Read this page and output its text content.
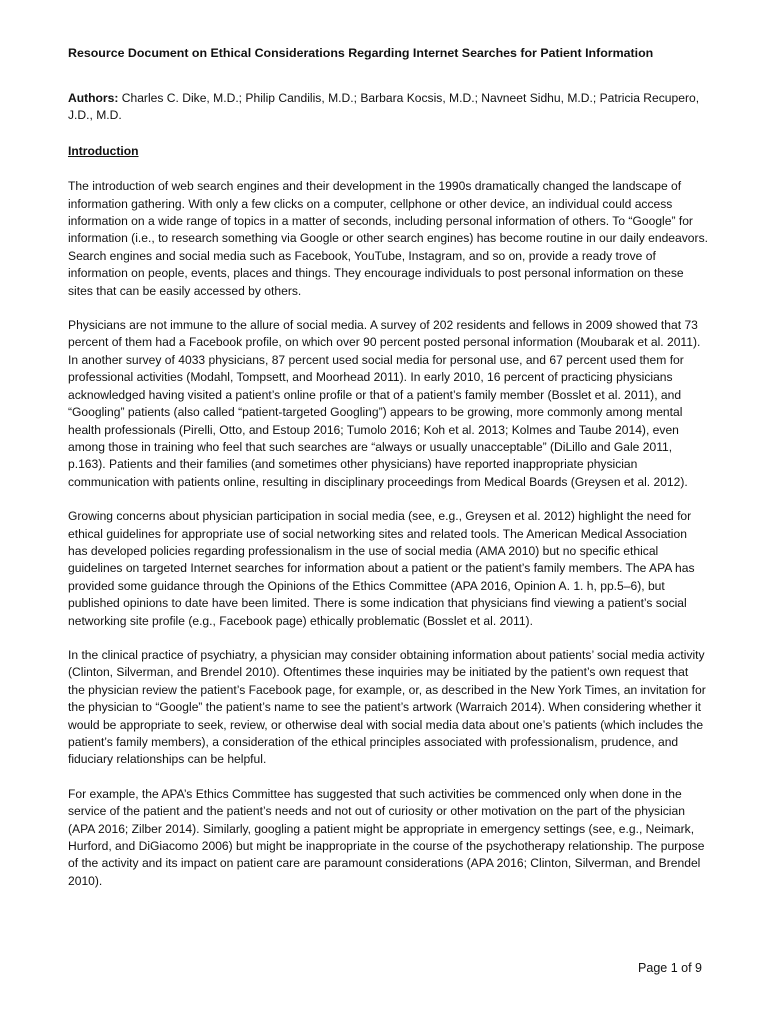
Resource Document on Ethical Considerations Regarding Internet Searches for Patient Information
Authors: Charles C. Dike, M.D.; Philip Candilis, M.D.; Barbara Kocsis, M.D.; Navneet Sidhu, M.D.; Patricia Recupero, J.D., M.D.
Introduction

The introduction of web search engines and their development in the 1990s dramatically changed the landscape of information gathering. With only a few clicks on a computer, cellphone or other device, an individual could access information on a wide range of topics in a matter of seconds, including personal information of others. To “Google” for information (i.e., to research something via Google or other search engines) has become routine in our daily endeavors. Search engines and social media such as Facebook, YouTube, Instagram, and so on, provide a ready trove of information on people, events, places and things. They encourage individuals to post personal information on these sites that can be easily accessed by others.

Physicians are not immune to the allure of social media. A survey of 202 residents and fellows in 2009 showed that 73 percent of them had a Facebook profile, on which over 90 percent posted personal information (Moubarak et al. 2011). In another survey of 4033 physicians, 87 percent used social media for personal use, and 67 percent used them for professional activities (Modahl, Tompsett, and Moorhead 2011). In early 2010, 16 percent of practicing physicians acknowledged having visited a patient’s online profile or that of a patient’s family member (Bosslet et al. 2011), and “Googling” patients (also called “patient-targeted Googling”) appears to be growing, more commonly among mental health professionals (Pirelli, Otto, and Estoup 2016; Tumolo 2016; Koh et al. 2013; Kolmes and Taube 2014), even among those in training who feel that such searches are “always or usually unacceptable” (DiLillo and Gale 2011, p.163). Patients and their families (and sometimes other physicians) have reported inappropriate physician communication with patients online, resulting in disciplinary proceedings from Medical Boards (Greysen et al. 2012).

Growing concerns about physician participation in social media (see, e.g., Greysen et al. 2012) highlight the need for ethical guidelines for appropriate use of social networking sites and related tools. The American Medical Association has developed policies regarding professionalism in the use of social media (AMA 2010) but no specific ethical guidelines on targeted Internet searches for information about a patient or the patient’s family members. The APA has provided some guidance through the Opinions of the Ethics Committee (APA 2016, Opinion A. 1. h, pp.5–6), but published opinions to date have been limited. There is some indication that physicians find viewing a patient’s social networking site profile (e.g., Facebook page) ethically problematic (Bosslet et al. 2011).

In the clinical practice of psychiatry, a physician may consider obtaining information about patients’ social media activity (Clinton, Silverman, and Brendel 2010). Oftentimes these inquiries may be initiated by the patient’s own request that the physician review the patient’s Facebook page, for example, or, as described in the New York Times, an invitation for the physician to “Google” the patient’s name to see the patient’s artwork (Warraich 2014). When considering whether it would be appropriate to seek, review, or otherwise deal with social media data about one’s patients (which includes the patient’s family members), a consideration of the ethical principles associated with professionalism, prudence, and fiduciary relationships can be helpful.

For example, the APA’s Ethics Committee has suggested that such activities be commenced only when done in the service of the patient and the patient’s needs and not out of curiosity or other motivation on the part of the physician (APA 2016; Zilber 2014). Similarly, googling a patient might be appropriate in emergency settings (see, e.g., Neimark, Hurford, and DiGiacomo 2006) but might be inappropriate in the course of the psychotherapy relationship. The purpose of the activity and its impact on patient care are paramount considerations (APA 2016; Clinton, Silverman, and Brendel 2010).

Page 1 of 9
